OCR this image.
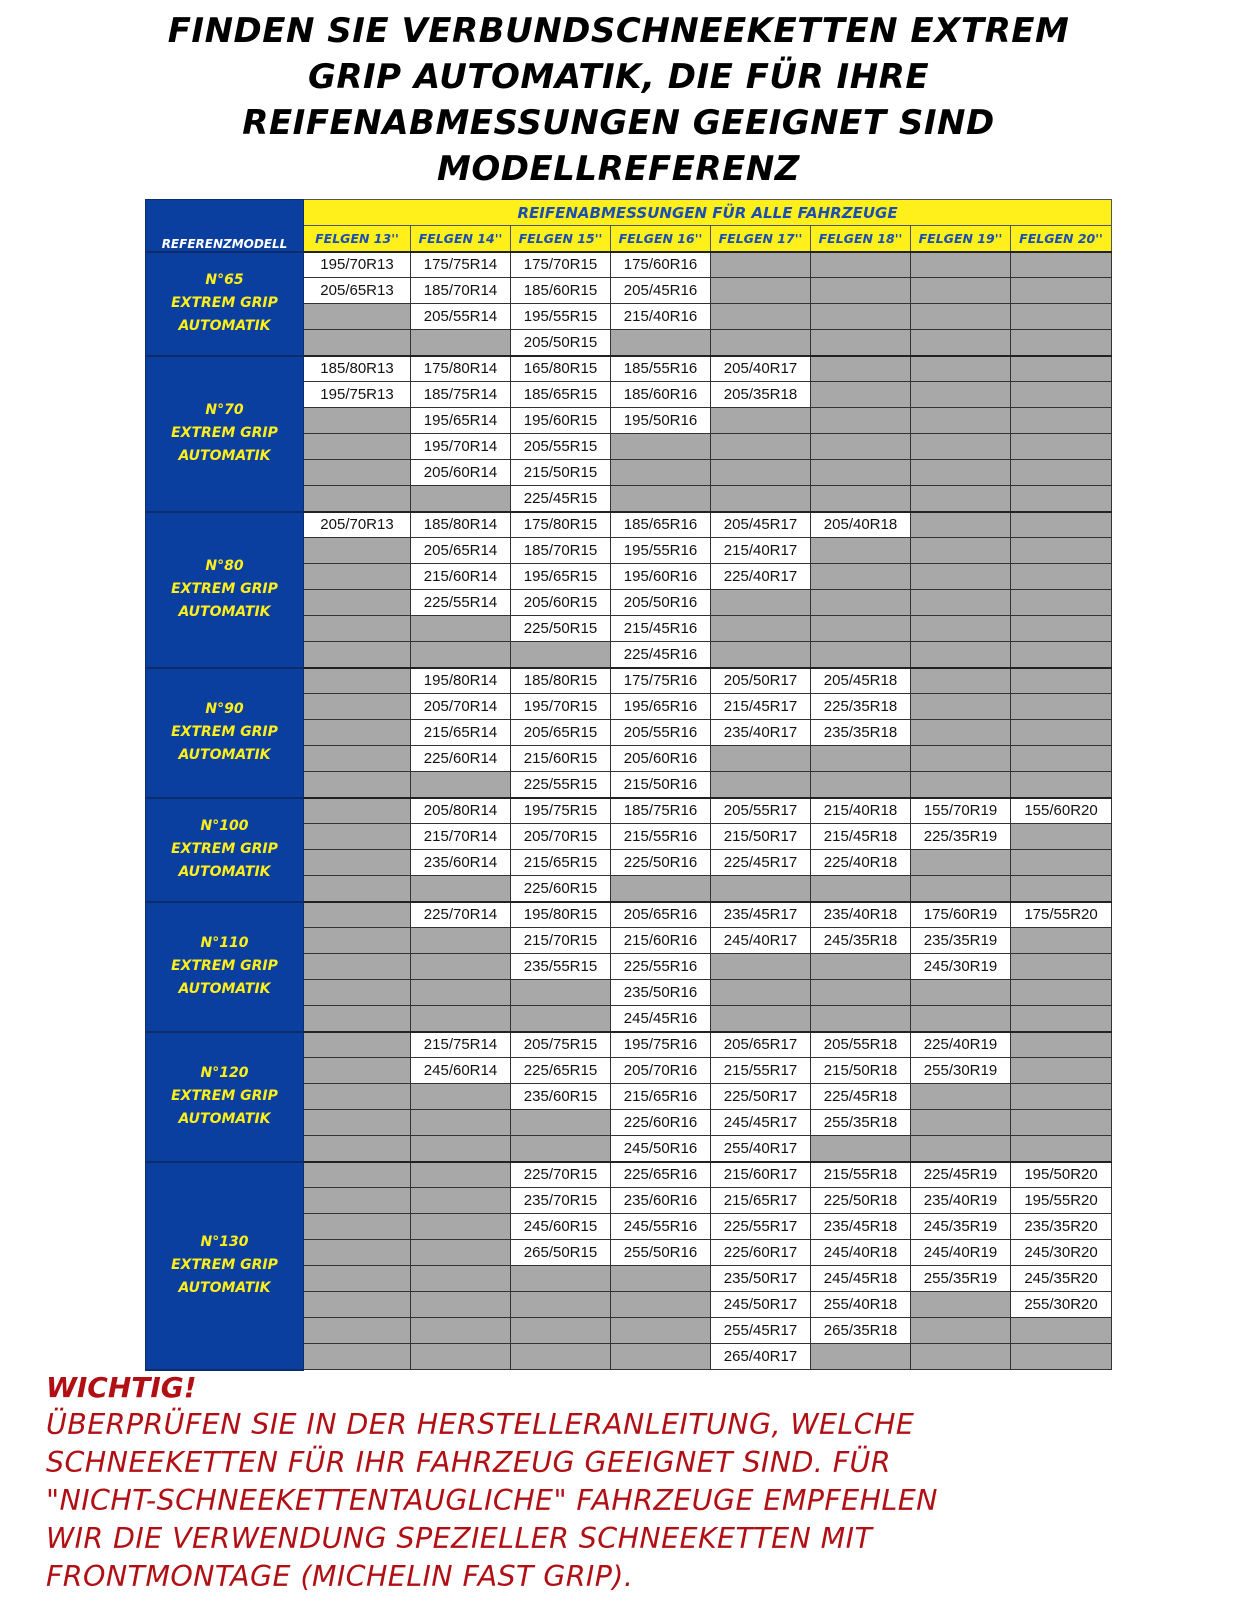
FINDEN SIE VERBUNDSCHNEEKETTEN EXTREM
GRIP AUTOMATIK, DIE FÜR IHRE
REIFENABMESSUNGEN GEEIGNET SIND
MODELLREFERENZ
REFERENZMODELL	REIFENABMESSUNGEN FÜR ALLE FAHRZEUGE							
	FELGEN 13''	FELGEN 14''	FELGEN 15''	FELGEN 16''	FELGEN 17''	FELGEN 18''	FELGEN 19''	FELGEN 20''

N°65
EXTREM GRIP
AUTOMATIK	195/70R13	175/75R14	175/70R15	175/60R16				
	205/65R13	185/70R14	185/60R15	205/45R16				
		205/55R14	195/55R15	215/40R16				
			205/50R15					

N°70
EXTREM GRIP
AUTOMATIK	185/80R13	175/80R14	165/80R15	185/55R16	205/40R17			
	195/75R13	185/75R14	185/65R15	185/60R16	205/35R18			
		195/65R14	195/60R15	195/50R16				
		195/70R14	205/55R15					
		205/60R14	215/50R15					
			225/45R15					

N°80
EXTREM GRIP
AUTOMATIK	205/70R13	185/80R14	175/80R15	185/65R16	205/45R17	205/40R18		
		205/65R14	185/70R15	195/55R16	215/40R17			
		215/60R14	195/65R15	195/60R16	225/40R17			
		225/55R14	205/60R15	205/50R16				
			225/50R15	215/45R16				
				225/45R16				

N°90
EXTREM GRIP
AUTOMATIK		195/80R14	185/80R15	175/75R16	205/50R17	205/45R18		
		205/70R14	195/70R15	195/65R16	215/45R17	225/35R18		
		215/65R14	205/65R15	205/55R16	235/40R17	235/35R18		
		225/60R14	215/60R15	205/60R16				
			225/55R15	215/50R16				

N°100
EXTREM GRIP
AUTOMATIK		205/80R14	195/75R15	185/75R16	205/55R17	215/40R18	155/70R19	155/60R20
		215/70R14	205/70R15	215/55R16	215/50R17	215/45R18	225/35R19	
		235/60R14	215/65R15	225/50R16	225/45R17	225/40R18		
			225/60R15					

N°110
EXTREM GRIP
AUTOMATIK		225/70R14	195/80R15	205/65R16	235/45R17	235/40R18	175/60R19	175/55R20
			215/70R15	215/60R16	245/40R17	245/35R18	235/35R19	
			235/55R15	225/55R16			245/30R19	
				235/50R16				
				245/45R16				

N°120
EXTREM GRIP
AUTOMATIK		215/75R14	205/75R15	195/75R16	205/65R17	205/55R18	225/40R19	
		245/60R14	225/65R15	205/70R16	215/55R17	215/50R18	255/30R19	
			235/60R15	215/65R16	225/50R17	225/45R18		
				225/60R16	245/45R17	255/35R18		
				245/50R16	255/40R17			

N°130
EXTREM GRIP
AUTOMATIK			225/70R15	225/65R16	215/60R17	215/55R18	225/45R19	195/50R20
			235/70R15	235/60R16	215/65R17	225/50R18	235/40R19	195/55R20
			245/60R15	245/55R16	225/55R17	235/45R18	245/35R19	235/35R20
			265/50R15	255/50R16	225/60R17	245/40R18	245/40R19	245/30R20
					235/50R17	245/45R18	255/35R19	245/35R20
					245/50R17	255/40R18		255/30R20
					255/45R17	265/35R18		
					265/40R17			
WICHTIG!
ÜBERPRÜFEN SIE IN DER HERSTELLERANLEITUNG, WELCHE
SCHNEEKETTEN FÜR IHR FAHRZEUG GEEIGNET SIND. FÜR
"NICHT-SCHNEEKETTENTAUGLICHE" FAHRZEUGE EMPFEHLEN
WIR DIE VERWENDUNG SPEZIELLER SCHNEEKETTEN MIT
FRONTMONTAGE (MICHELIN FAST GRIP).
